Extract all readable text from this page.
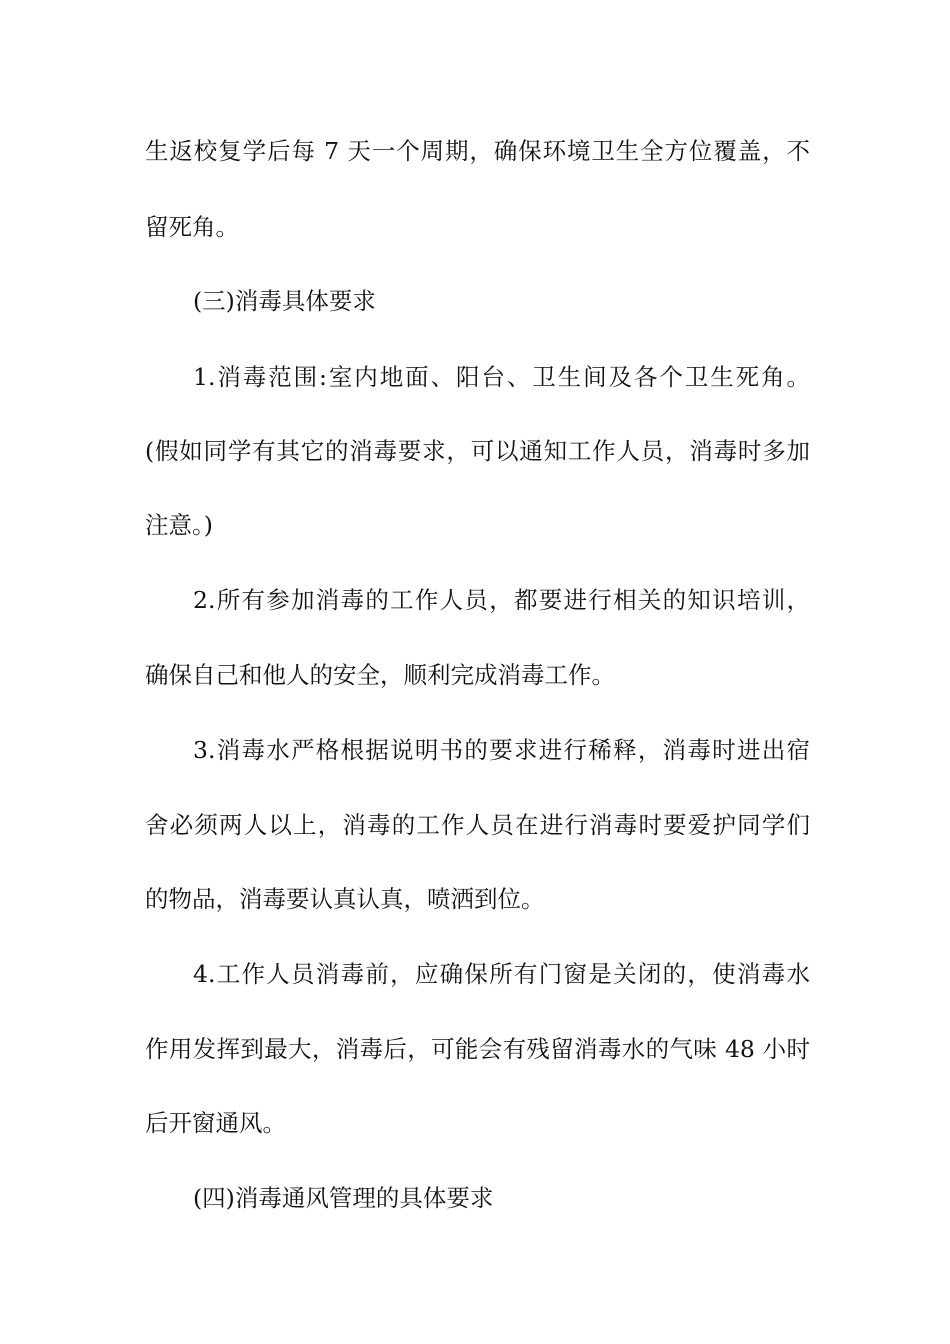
生返校复学后每 7 天一个周期，确保环境卫生全方位覆盖，不
留死角。
(三)消毒具体要求
1.消毒范围:室内地面、阳台、卫生间及各个卫生死角。
(假如同学有其它的消毒要求，可以通知工作人员，消毒时多加
注意。)
2.所有参加消毒的工作人员，都要进行相关的知识培训，
确保自己和他人的安全，顺利完成消毒工作。
3.消毒水严格根据说明书的要求进行稀释，消毒时进出宿
舍必须两人以上，消毒的工作人员在进行消毒时要爱护同学们
的物品，消毒要认真认真，喷洒到位。
4.工作人员消毒前，应确保所有门窗是关闭的，使消毒水
作用发挥到最大，消毒后，可能会有残留消毒水的气味 48 小时
后开窗通风。
(四)消毒通风管理的具体要求
